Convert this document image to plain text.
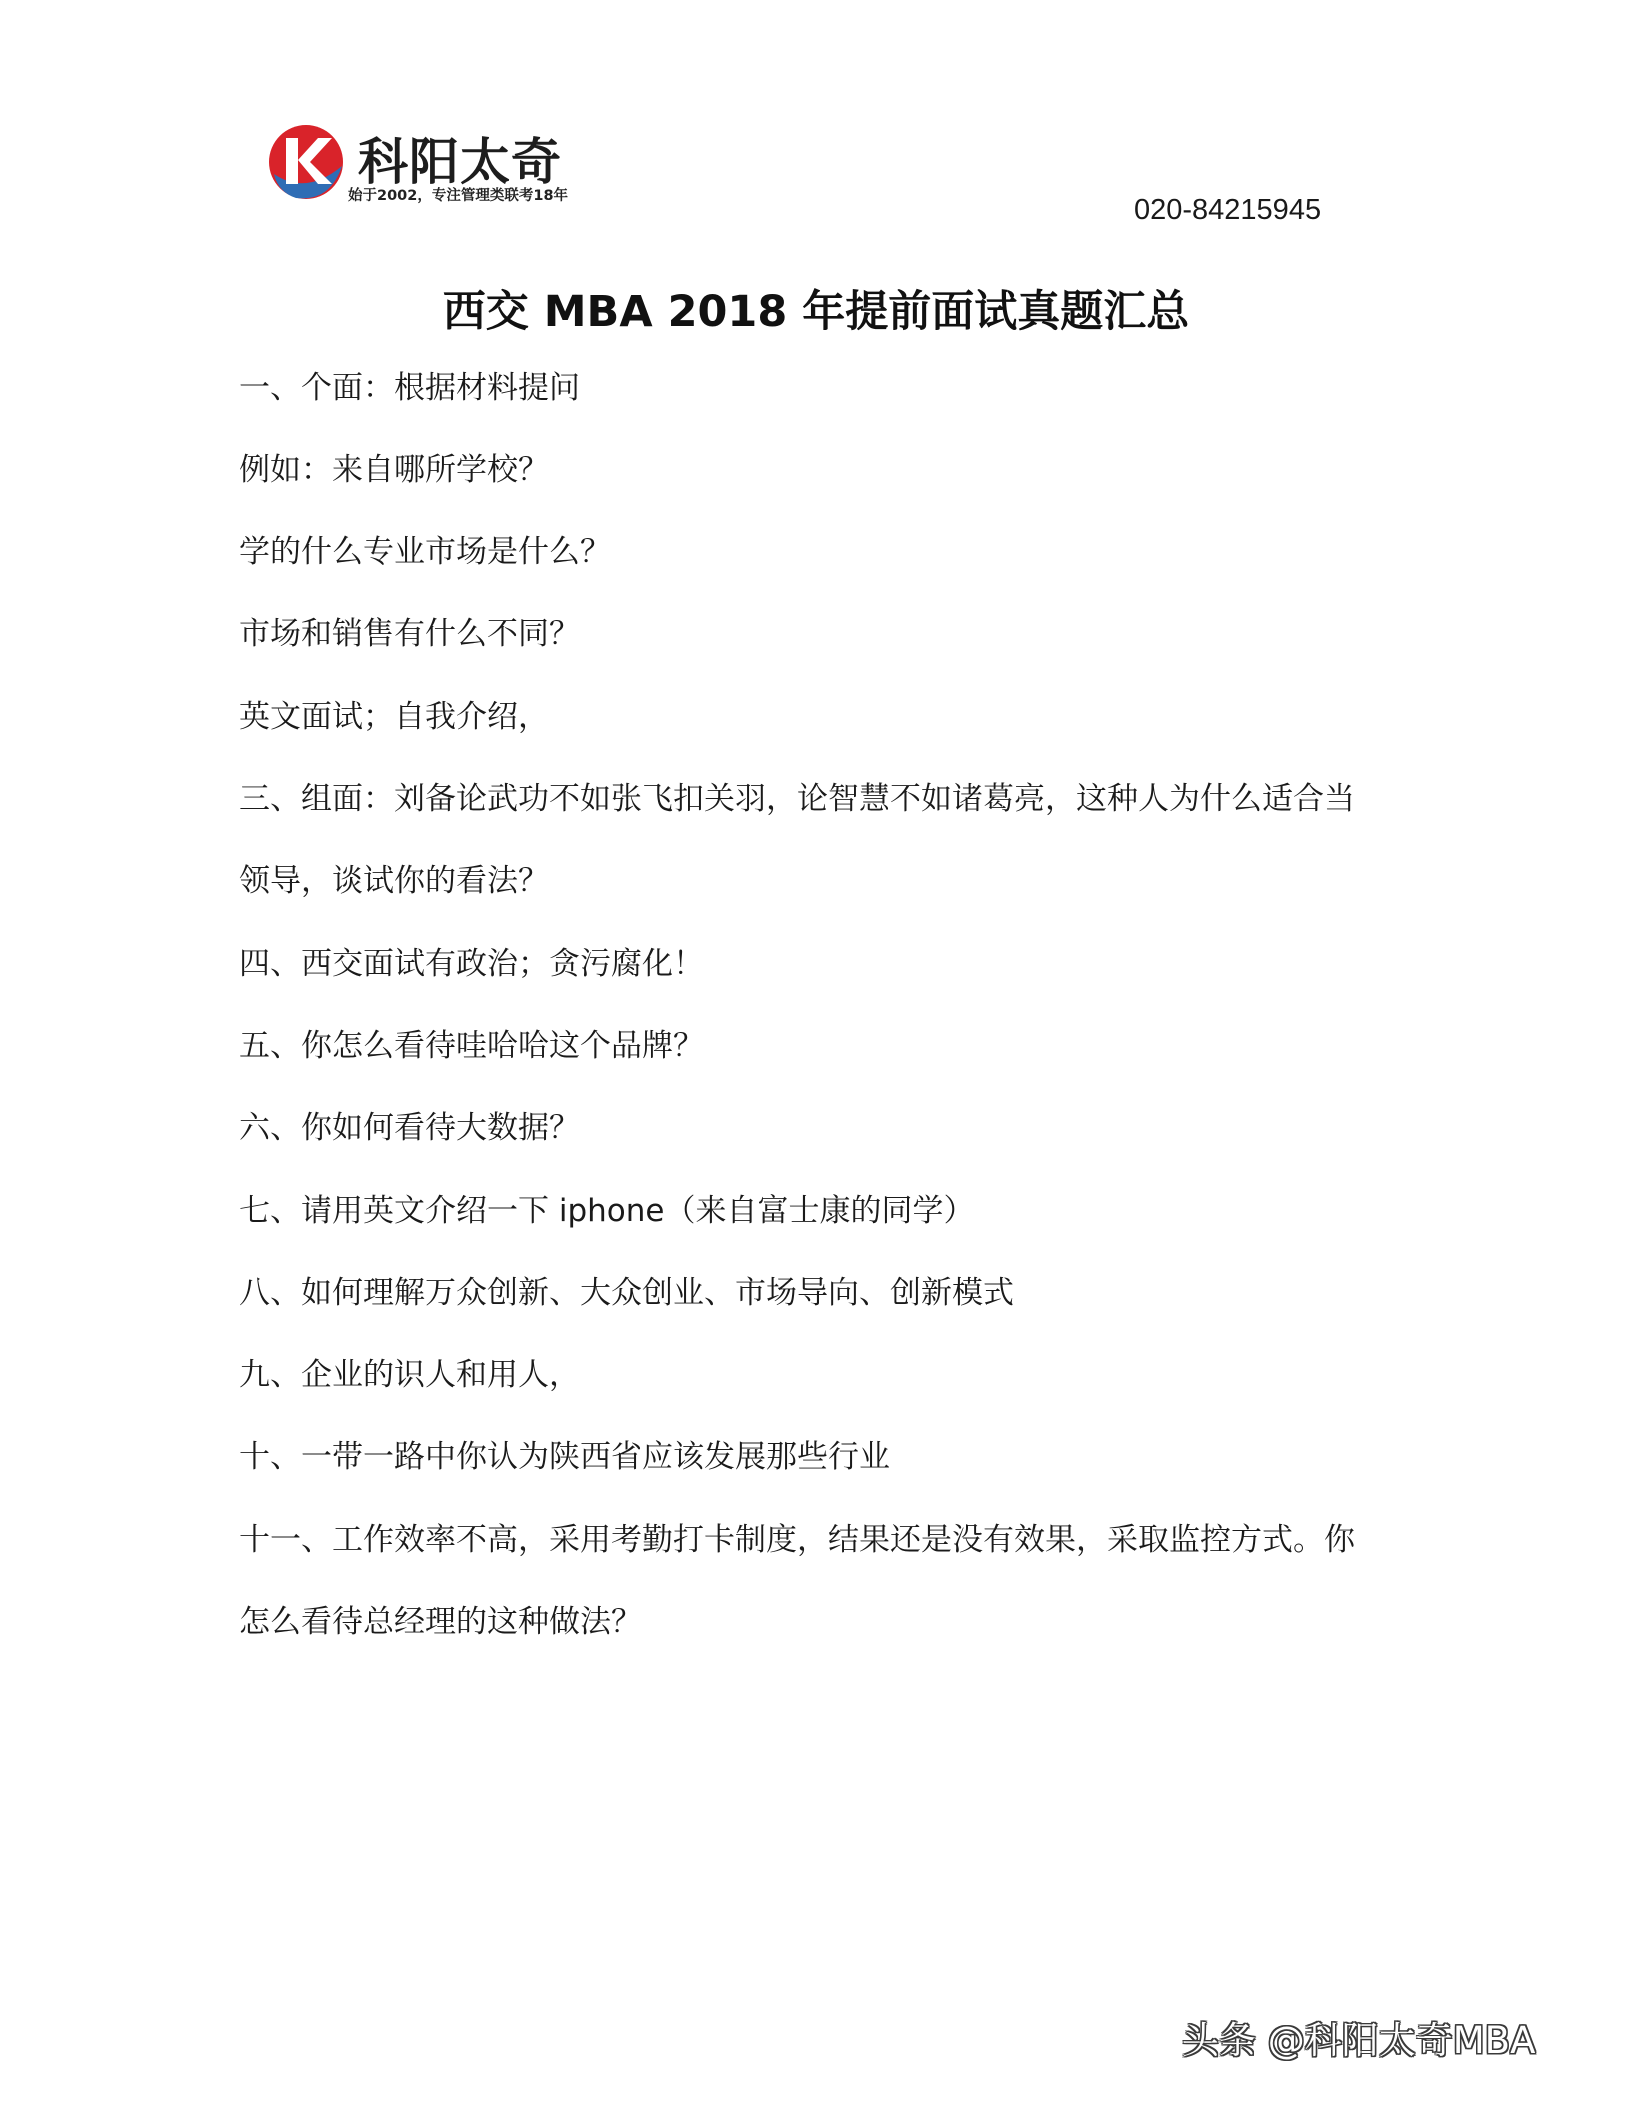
科阳太奇
始于2002，专注管理类联考18年	020-84215945
西交 MBA 2018 年提前面试真题汇总
一、个面：根据材料提问
例如：来自哪所学校？
学的什么专业市场是什么？
市场和销售有什么不同？
英文面试；自我介绍，
三、组面：刘备论武功不如张飞扣关羽，论智慧不如诸葛亮，这种人为什么适合当
领导，谈试你的看法？
四、西交面试有政治；贪污腐化！
五、你怎么看待哇哈哈这个品牌？
六、你如何看待大数据？
七、请用英文介绍一下 iphone（来自富士康的同学）
八、如何理解万众创新、大众创业、市场导向、创新模式
九、企业的识人和用人，
十、一带一路中你认为陕西省应该发展那些行业
十一、工作效率不高，采用考勤打卡制度，结果还是没有效果，采取监控方式。你
怎么看待总经理的这种做法？
头条 @科阳太奇MBA
